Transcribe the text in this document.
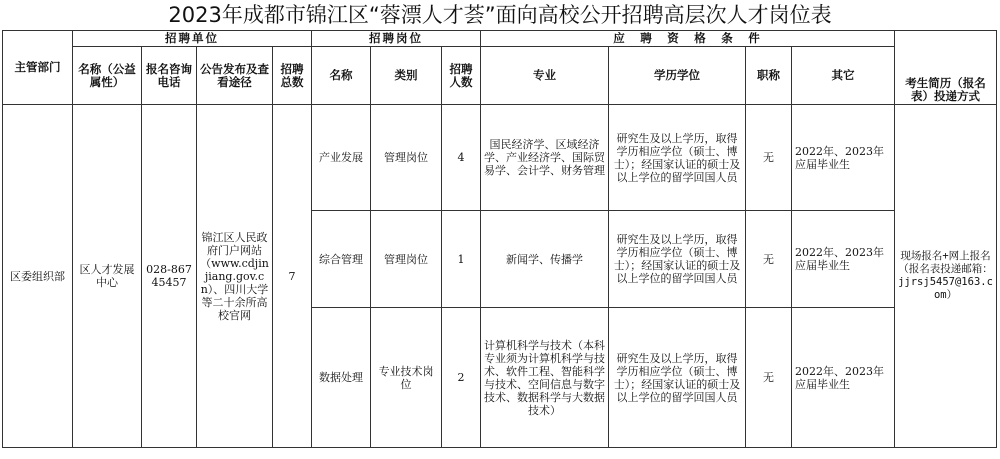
2023年成都市锦江区“蓉漂人才荟”面向高校公开招聘高层次人才岗位表
主管部门	招聘单位				招聘岗位			应　聘　资　格　条　件				考生简历（报名表）投递方式
	名称（公益属性）	报名咨询电话	公告发布及查看途径	招聘总数	名称	类别	招聘人数	专业	学历学位	职称	其它	
区委组织部	区人才发展中心	028-86745457	锦江区人民政府门户网站（www.cdjinjiang.gov.cn）、四川大学等二十余所高校官网	7	产业发展	管理岗位	4	国民经济学、区域经济学、产业经济学、国际贸易学、会计学、财务管理	研究生及以上学历，取得学历相应学位（硕士、博士）；经国家认证的硕士及以上学位的留学回国人员	无	2022年、2023年应届毕业生	现场报名+网上报名（报名表投递邮箱：jjrsj5457@163.com）
					综合管理	管理岗位	1	新闻学、传播学	研究生及以上学历，取得学历相应学位（硕士、博士）；经国家认证的硕士及以上学位的留学回国人员	无	2022年、2023年应届毕业生	
					数据处理	专业技术岗位	2	计算机科学与技术（本科专业须为计算机科学与技术、软件工程、智能科学与技术、空间信息与数字技术、数据科学与大数据技术）	研究生及以上学历，取得学历相应学位（硕士、博士）；经国家认证的硕士及以上学位的留学回国人员	无	2022年、2023年应届毕业生	
